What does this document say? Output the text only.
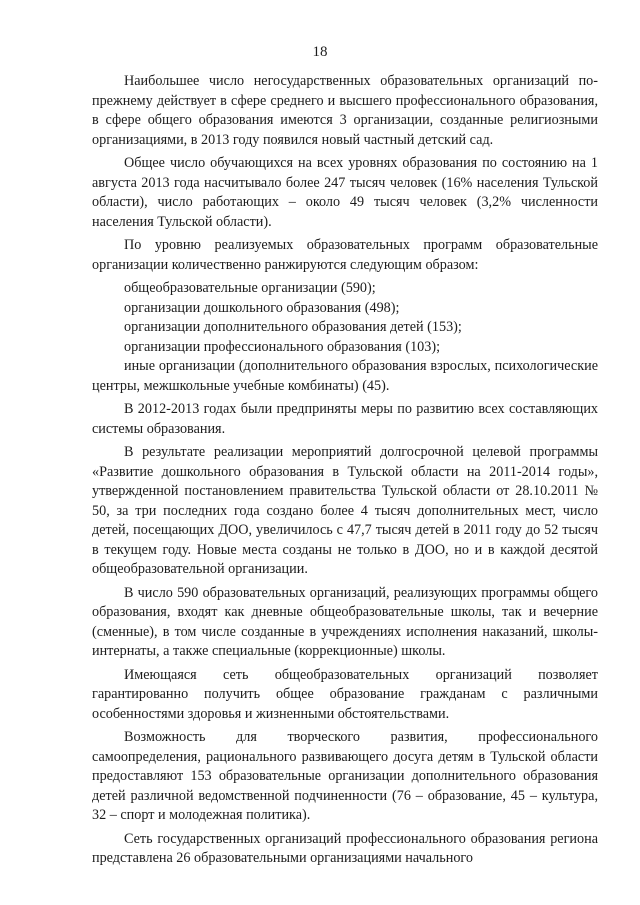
18

Наибольшее число негосударственных образовательных организаций по-прежнему действует в сфере среднего и высшего профессионального образования, в сфере общего образования имеются 3 организации, созданные религиозными организациями, в 2013 году появился новый частный детский сад.

Общее число обучающихся на всех уровнях образования по состоянию на 1 августа 2013 года насчитывало более 247 тысяч человек (16% населения Тульской области), число работающих – около 49 тысяч человек (3,2% численности населения Тульской области).

По уровню реализуемых образовательных программ образовательные организации количественно ранжируются следующим образом:

общеобразовательные организации (590);
организации дошкольного образования (498);
организации дополнительного образования детей (153);
организации профессионального образования (103);
иные организации (дополнительного образования взрослых, психологические центры, межшкольные учебные комбинаты) (45).

В 2012-2013 годах были предприняты меры по развитию всех составляющих системы образования.

В результате реализации мероприятий долгосрочной целевой программы «Развитие дошкольного образования в Тульской области на 2011-2014 годы», утвержденной постановлением правительства Тульской области от 28.10.2011 № 50, за три последних года создано более 4 тысяч дополнительных мест, число детей, посещающих ДОО, увеличилось с 47,7 тысяч детей в 2011 году до 52 тысяч в текущем году. Новые места созданы не только в ДОО, но и в каждой десятой общеобразовательной организации.

В число 590 образовательных организаций, реализующих программы общего образования, входят как дневные общеобразовательные школы, так и вечерние (сменные), в том числе созданные в учреждениях исполнения наказаний, школы-интернаты, а также специальные (коррекционные) школы.

Имеющаяся сеть общеобразовательных организаций позволяет гарантированно получить общее образование гражданам с различными особенностями здоровья и жизненными обстоятельствами.

Возможность для творческого развития, профессионального самоопределения, рационального развивающего досуга детям в Тульской области предоставляют 153 образовательные организации дополнительного образования детей различной ведомственной подчиненности (76 – образование, 45 – культура, 32 – спорт и молодежная политика).

Сеть государственных организаций профессионального образования региона представлена 26 образовательными организациями начального
